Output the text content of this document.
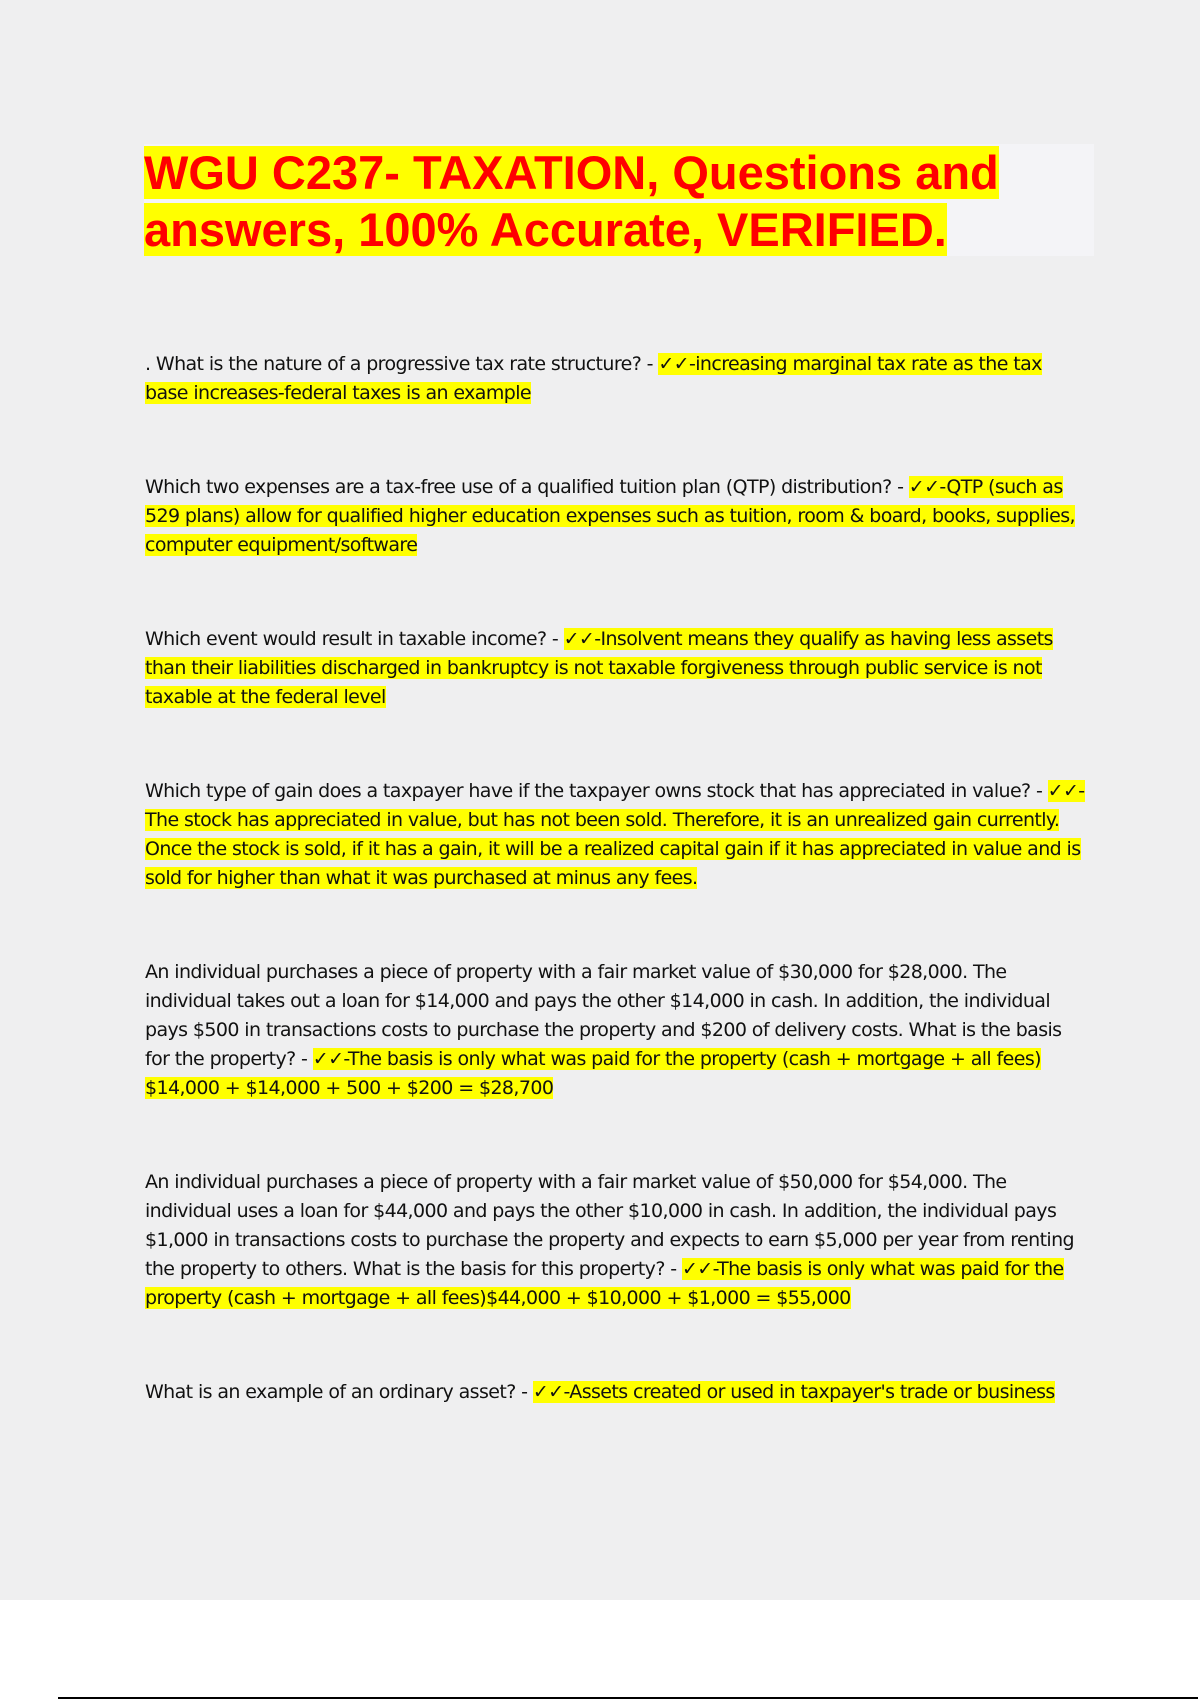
WGU C237- TAXATION, Questions and
answers, 100% Accurate, VERIFIED.

. What is the nature of a progressive tax rate structure? - ✓✓-increasing marginal tax rate as the tax base increases-federal taxes is an example

Which two expenses are a tax-free use of a qualified tuition plan (QTP) distribution? - ✓✓-QTP (such as 529 plans) allow for qualified higher education expenses such as tuition, room & board, books, supplies, computer equipment/software

Which event would result in taxable income? - ✓✓-Insolvent means they qualify as having less assets than their liabilities discharged in bankruptcy is not taxable forgiveness through public service is not taxable at the federal level

Which type of gain does a taxpayer have if the taxpayer owns stock that has appreciated in value? - ✓✓-The stock has appreciated in value, but has not been sold. Therefore, it is an unrealized gain currently. Once the stock is sold, if it has a gain, it will be a realized capital gain if it has appreciated in value and is sold for higher than what it was purchased at minus any fees.

An individual purchases a piece of property with a fair market value of $30,000 for $28,000. The individual takes out a loan for $14,000 and pays the other $14,000 in cash. In addition, the individual pays $500 in transactions costs to purchase the property and $200 of delivery costs. What is the basis for the property? - ✓✓-The basis is only what was paid for the property (cash + mortgage + all fees) $14,000 + $14,000 + 500 + $200 = $28,700

An individual purchases a piece of property with a fair market value of $50,000 for $54,000. The individual uses a loan for $44,000 and pays the other $10,000 in cash. In addition, the individual pays $1,000 in transactions costs to purchase the property and expects to earn $5,000 per year from renting the property to others. What is the basis for this property? - ✓✓-The basis is only what was paid for the property (cash + mortgage + all fees)$44,000 + $10,000 + $1,000 = $55,000

What is an example of an ordinary asset? - ✓✓-Assets created or used in taxpayer's trade or business
